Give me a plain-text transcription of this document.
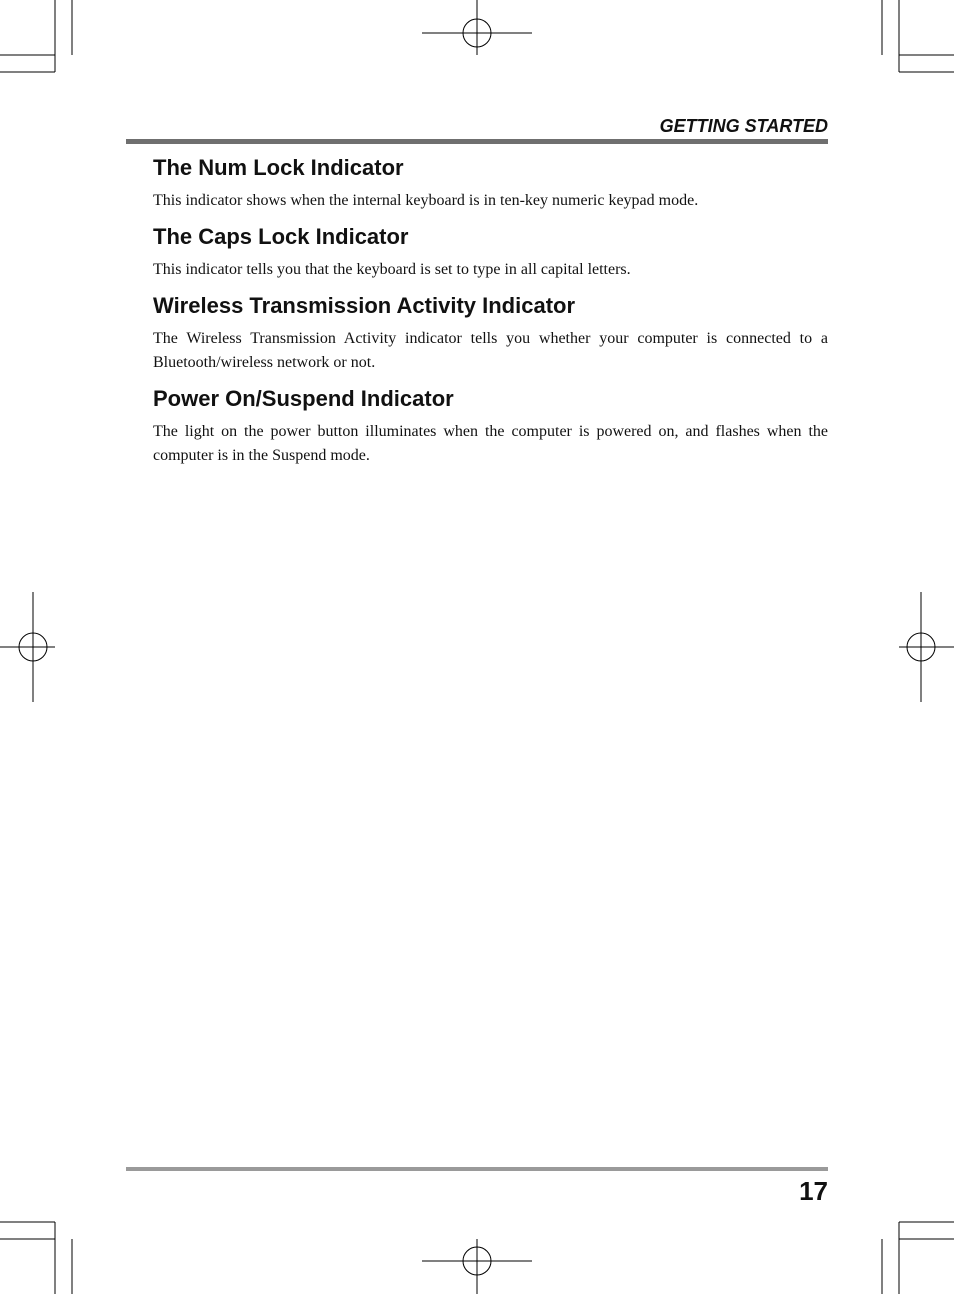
GETTING STARTED

The Num Lock Indicator

This indicator shows when the internal keyboard is in ten-key numeric keypad mode.

The Caps Lock Indicator

This indicator tells you that the keyboard is set to type in all capital letters.

Wireless Transmission Activity Indicator

The Wireless Transmission Activity indicator tells you whether your computer is connected to a Bluetooth/wireless network or not.

Power On/Suspend Indicator

The light on the power button illuminates when the computer is powered on, and flashes when the computer is in the Suspend mode.

17
